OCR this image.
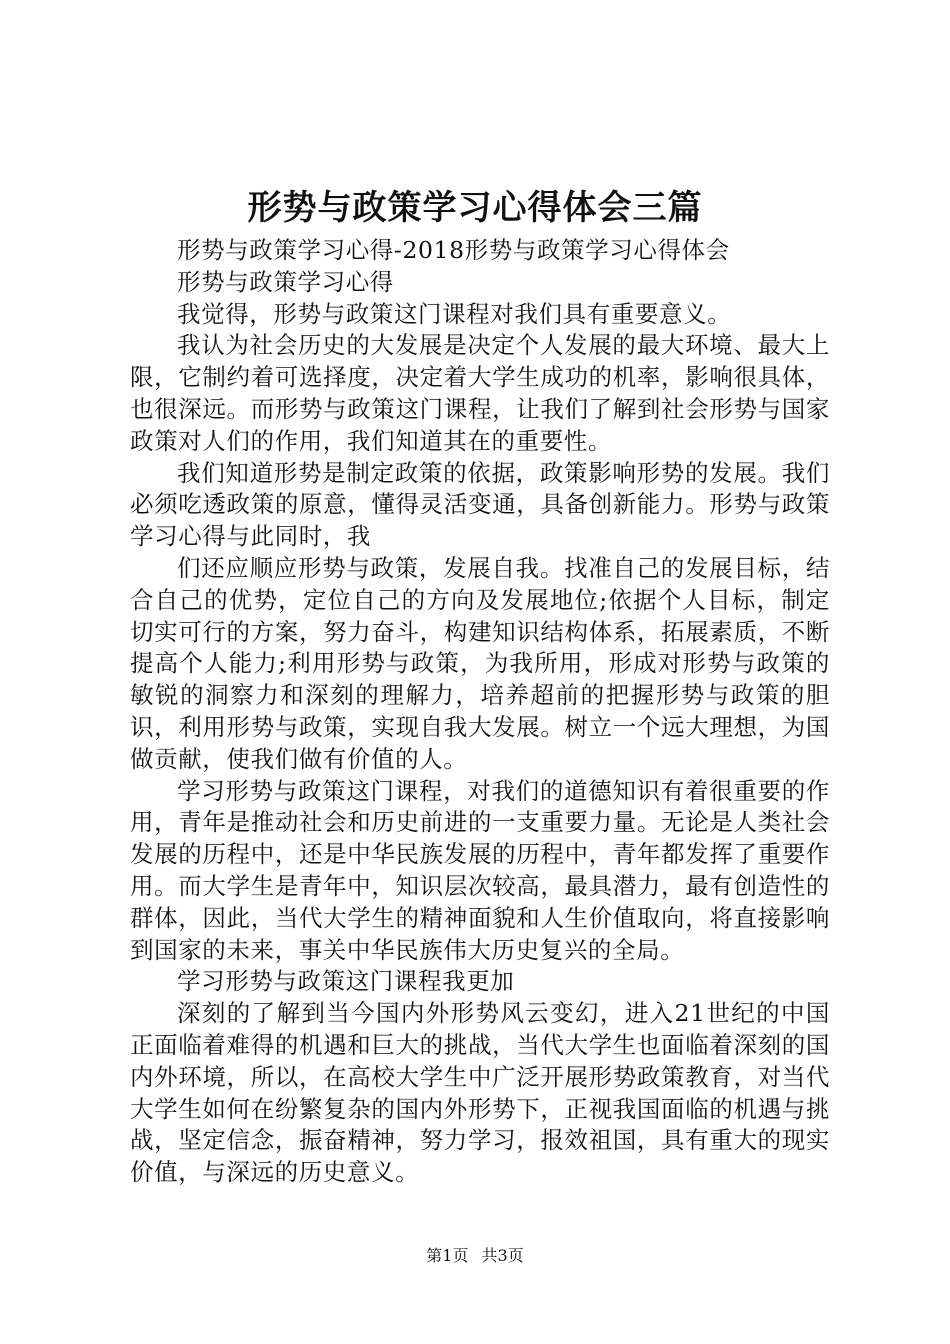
形势与政策学习心得体会三篇

形势与政策学习心得-2018形势与政策学习心得体会

形势与政策学习心得

我觉得，形势与政策这门课程对我们具有重要意义。

我认为社会历史的大发展是决定个人发展的最大环境、最大上限，它制约着可选择度，决定着大学生成功的机率，影响很具体，也很深远。而形势与政策这门课程，让我们了解到社会形势与国家政策对人们的作用，我们知道其在的重要性。

我们知道形势是制定政策的依据，政策影响形势的发展。我们必须吃透政策的原意，懂得灵活变通，具备创新能力。形势与政策学习心得与此同时，我

们还应顺应形势与政策，发展自我。找准自己的发展目标，结合自己的优势，定位自己的方向及发展地位;依据个人目标，制定切实可行的方案，努力奋斗，构建知识结构体系，拓展素质，不断提高个人能力;利用形势与政策，为我所用，形成对形势与政策的敏锐的洞察力和深刻的理解力，培养超前的把握形势与政策的胆识，利用形势与政策，实现自我大发展。树立一个远大理想，为国做贡献，使我们做有价值的人。

学习形势与政策这门课程，对我们的道德知识有着很重要的作用，青年是推动社会和历史前进的一支重要力量。无论是人类社会发展的历程中，还是中华民族发展的历程中，青年都发挥了重要作用。而大学生是青年中，知识层次较高，最具潜力，最有创造性的群体，因此，当代大学生的精神面貌和人生价值取向，将直接影响到国家的未来，事关中华民族伟大历史复兴的全局。

学习形势与政策这门课程我更加

深刻的了解到当今国内外形势风云变幻，进入21世纪的中国正面临着难得的机遇和巨大的挑战，当代大学生也面临着深刻的国内外环境，所以，在高校大学生中广泛开展形势政策教育，对当代大学生如何在纷繁复杂的国内外形势下，正视我国面临的机遇与挑战，坚定信念，振奋精神，努力学习，报效祖国，具有重大的现实价值，与深远的历史意义。

第1页 共3页
